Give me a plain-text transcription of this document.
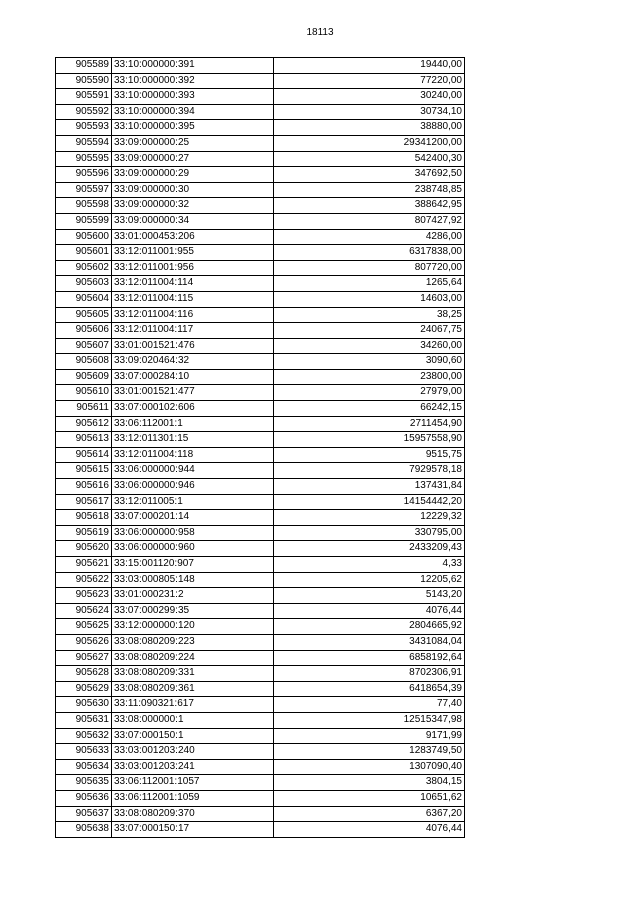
18113
905589	33:10:000000:391	19440,00
905590	33:10:000000:392	77220,00
905591	33:10:000000:393	30240,00
905592	33:10:000000:394	30734,10
905593	33:10:000000:395	38880,00
905594	33:09:000000:25	29341200,00
905595	33:09:000000:27	542400,30
905596	33:09:000000:29	347692,50
905597	33:09:000000:30	238748,85
905598	33:09:000000:32	388642,95
905599	33:09:000000:34	807427,92
905600	33:01:000453:206	4286,00
905601	33:12:011001:955	6317838,00
905602	33:12:011001:956	807720,00
905603	33:12:011004:114	1265,64
905604	33:12:011004:115	14603,00
905605	33:12:011004:116	38,25
905606	33:12:011004:117	24067,75
905607	33:01:001521:476	34260,00
905608	33:09:020464:32	3090,60
905609	33:07:000284:10	23800,00
905610	33:01:001521:477	27979,00
905611	33:07:000102:606	66242,15
905612	33:06:112001:1	2711454,90
905613	33:12:011301:15	15957558,90
905614	33:12:011004:118	9515,75
905615	33:06:000000:944	7929578,18
905616	33:06:000000:946	137431,84
905617	33:12:011005:1	14154442,20
905618	33:07:000201:14	12229,32
905619	33:06:000000:958	330795,00
905620	33:06:000000:960	2433209,43
905621	33:15:001120:907	4,33
905622	33:03:000805:148	12205,62
905623	33:01:000231:2	5143,20
905624	33:07:000299:35	4076,44
905625	33:12:000000:120	2804665,92
905626	33:08:080209:223	3431084,04
905627	33:08:080209:224	6858192,64
905628	33:08:080209:331	8702306,91
905629	33:08:080209:361	6418654,39
905630	33:11:090321:617	77,40
905631	33:08:000000:1	12515347,98
905632	33:07:000150:1	9171,99
905633	33:03:001203:240	1283749,50
905634	33:03:001203:241	1307090,40
905635	33:06:112001:1057	3804,15
905636	33:06:112001:1059	10651,62
905637	33:08:080209:370	6367,20
905638	33:07:000150:17	4076,44
